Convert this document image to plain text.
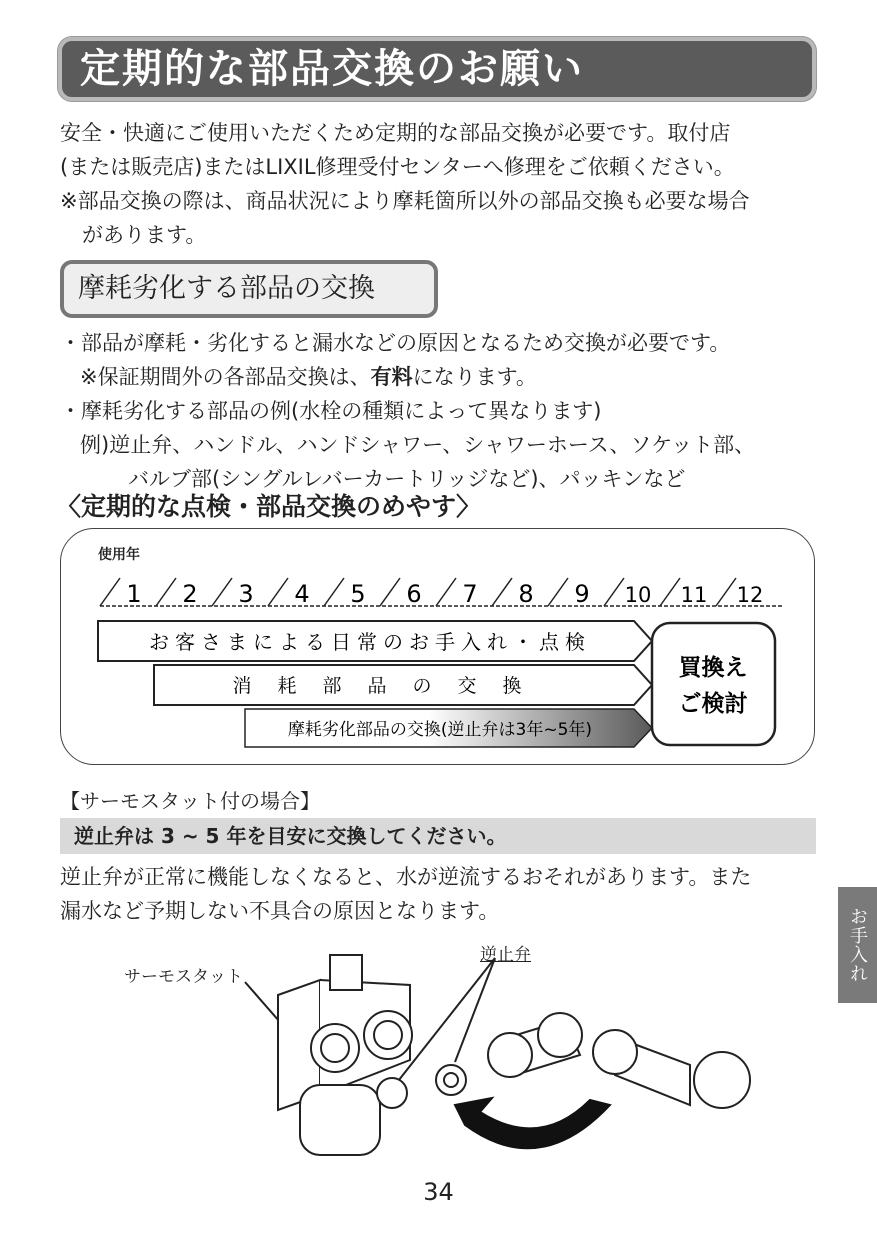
定期的な部品交換のお願い

安全・快適にご使用いただくため定期的な部品交換が必要です。取付店

(または販売店)またはLIXIL修理受付センターへ修理をご依頼ください。

※部品交換の際は、商品状況により摩耗箇所以外の部品交換も必要な場合

があります。

摩耗劣化する部品の交換

・部品が摩耗・劣化すると漏水などの原因となるため交換が必要です。

※保証期間外の各部品交換は、有料になります。

・摩耗劣化する部品の例(水栓の種類によって異なります)

例)逆止弁、ハンドル、ハンドシャワー、シャワーホース、ソケット部、

バルブ部(シングルレバーカートリッジなど)、パッキンなど

〈定期的な点検・部品交換のめやす〉
使用年
1 2 3 4 5 6 7 8 9 10 11 12
お客さまによる日常のお手入れ・点検
消耗部品の交換
摩耗劣化部品の交換(逆止弁は3年~5年)
買換え
ご検討
【サーモスタット付の場合】
逆止弁は 3 ~ 5 年を目安に交換してください。

逆止弁が正常に機能しなくなると、水が逆流するおそれがあります。また

漏水など予期しない不具合の原因となります。

サーモスタット
逆止弁	お手入れ
34
